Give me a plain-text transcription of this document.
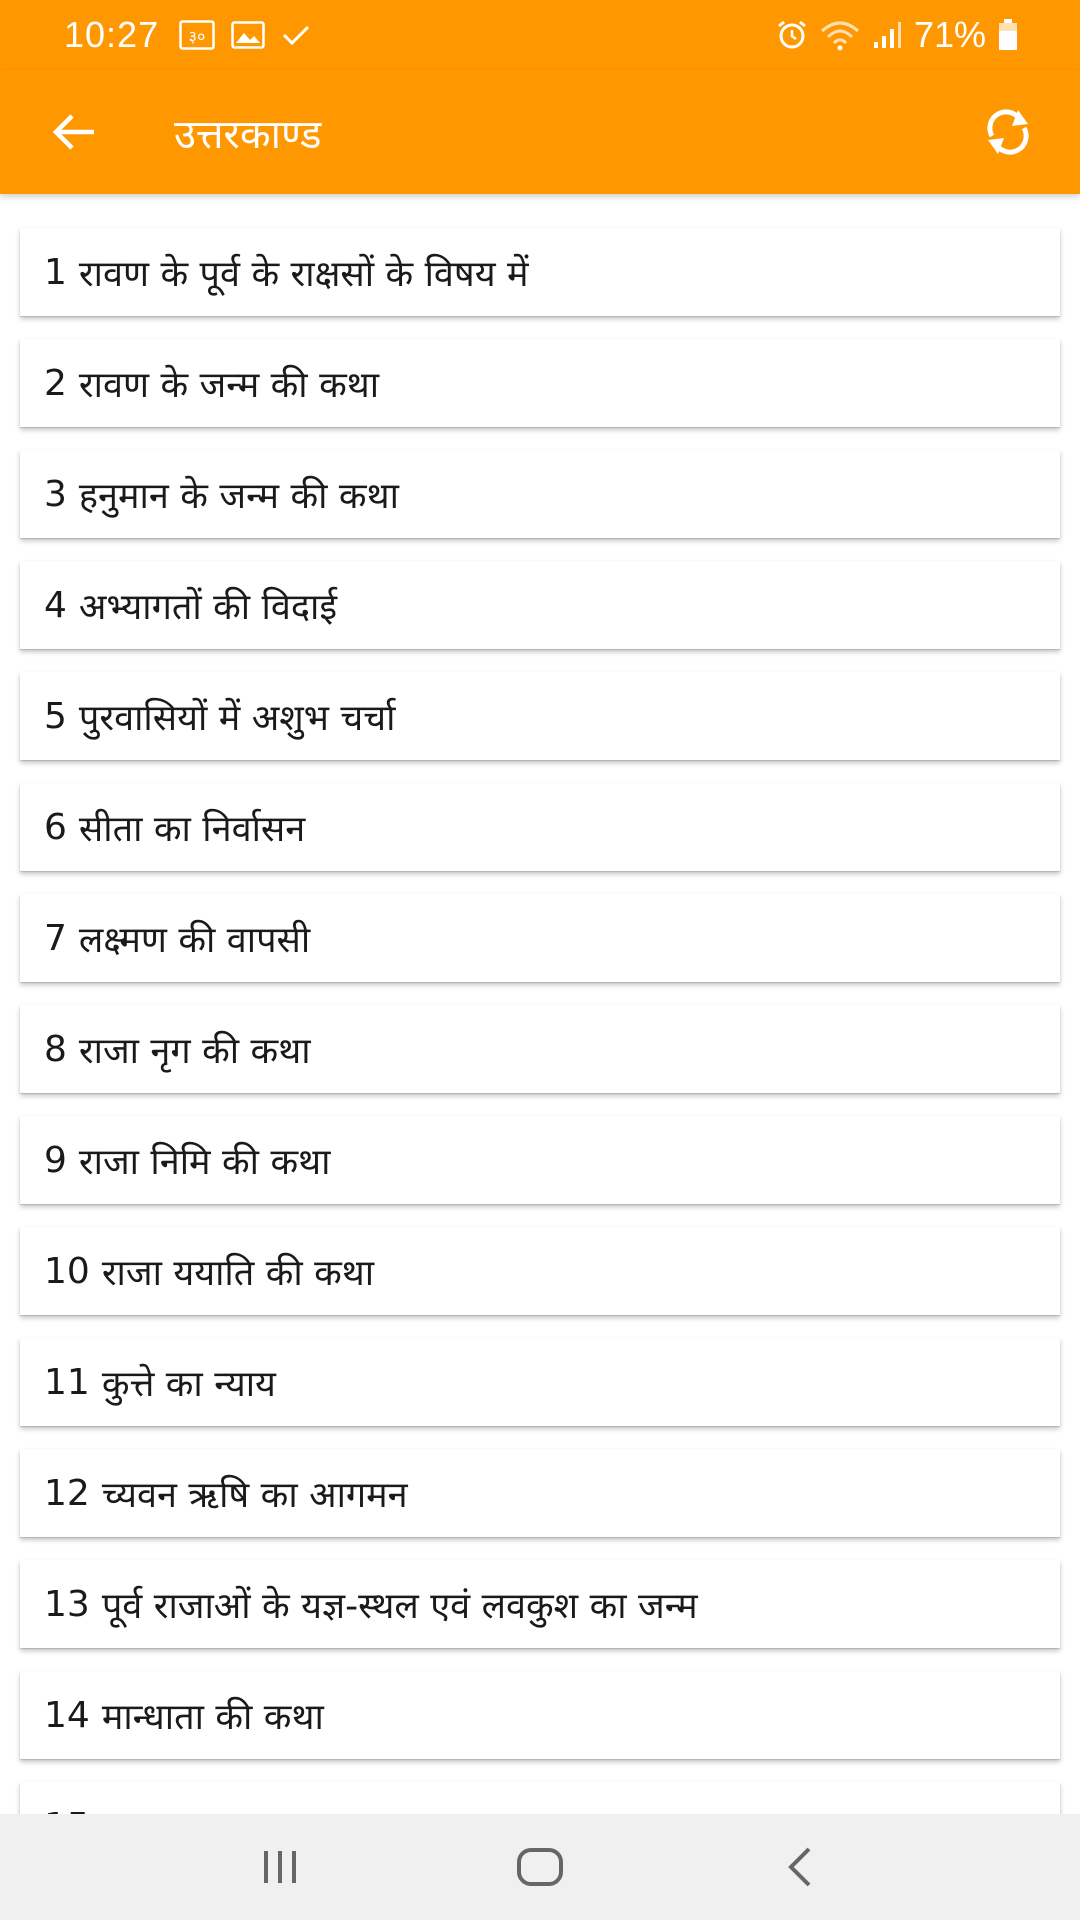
10:27 ३०	71%
उत्तरकाण्ड
1 रावण के पूर्व के राक्षसों के विषय में
2 रावण के जन्म की कथा
3 हनुमान के जन्म की कथा
4 अभ्यागतों की विदाई
5 पुरवासियों में अशुभ चर्चा
6 सीता का निर्वासन
7 लक्ष्मण की वापसी
8 राजा नृग की कथा
9 राजा निमि की कथा
10 राजा ययाति की कथा
11 कुत्ते का न्याय
12 च्यवन ऋषि का आगमन
13 पूर्व राजाओं के यज्ञ-स्थल एवं लवकुश का जन्म
14 मान्धाता की कथा
